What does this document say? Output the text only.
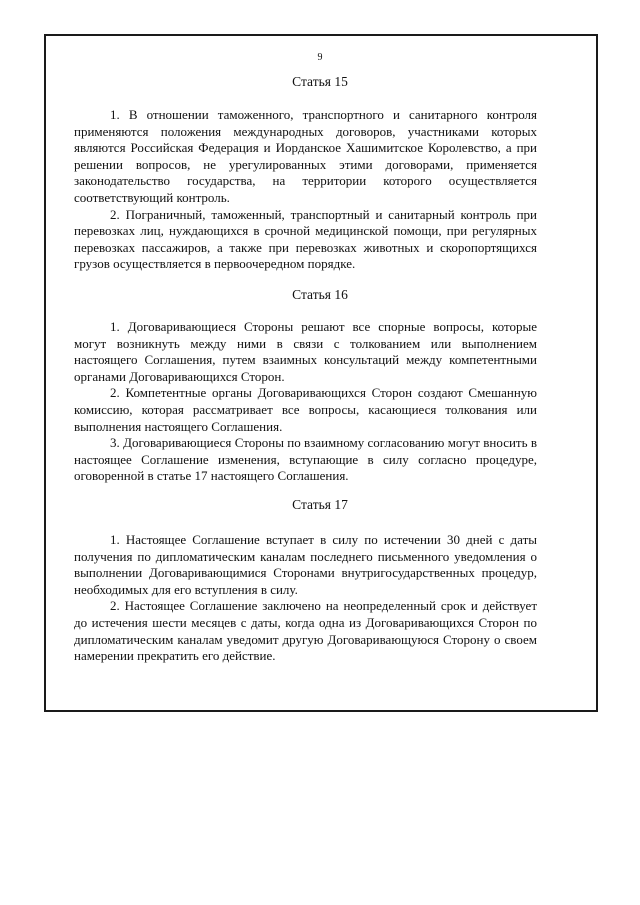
9
Статья 15

1. В отношении таможенного, транспортного и санитарного контроля применяются положения международных договоров, участниками которых являются Российская Федерация и Иорданское Хашимитское Королевство, а при решении вопросов, не урегулированных этими договорами, применяется законодательство государства, на территории которого осуществляется соответствующий контроль.

2. Пограничный, таможенный, транспортный и санитарный контроль при перевозках лиц, нуждающихся в срочной медицинской помощи, при регулярных перевозках пассажиров, а также при перевозках животных и скоропортящихся грузов осуществляется в первоочередном порядке.

Статья 16

1. Договаривающиеся Стороны решают все спорные вопросы, которые могут возникнуть между ними в связи с толкованием или выполнением настоящего Соглашения, путем взаимных консультаций между компетентными органами Договаривающихся Сторон.

2. Компетентные органы Договаривающихся Сторон создают Смешанную комиссию, которая рассматривает все вопросы, касающиеся толкования или выполнения настоящего Соглашения.

3. Договаривающиеся Стороны по взаимному согласованию могут вносить в настоящее Соглашение изменения, вступающие в силу согласно процедуре, оговоренной в статье 17 настоящего Соглашения.

Статья 17

1. Настоящее Соглашение вступает в силу по истечении 30 дней с даты получения по дипломатическим каналам последнего письменного уведомления о выполнении Договаривающимися Сторонами внутригосударственных процедур, необходимых для его вступления в силу.

2. Настоящее Соглашение заключено на неопределенный срок и действует до истечения шести месяцев с даты, когда одна из Договаривающихся Сторон по дипломатическим каналам уведомит другую Договаривающуюся Сторону о своем намерении прекратить его действие.
